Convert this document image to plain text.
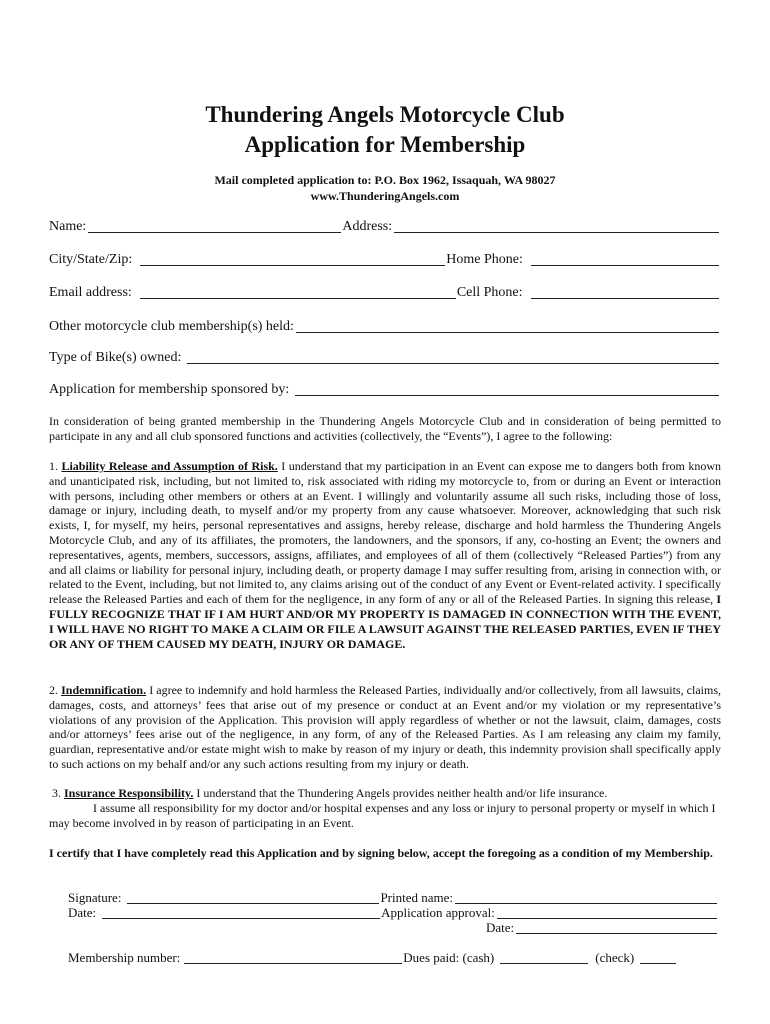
Thundering Angels Motorcycle Club
Application for Membership
Mail completed application to: P.O. Box 1962, Issaquah, WA 98027
www.ThunderingAngels.com
Name:	Address:
City/State/Zip:	Home Phone:
Email address:	Cell Phone:
Other motorcycle club membership(s) held:
Type of Bike(s) owned:
Application for membership sponsored by:
In consideration of being granted membership in the Thundering Angels Motorcycle Club and in consideration of being permitted to participate in any and all club sponsored functions and activities (collectively, the “Events”), I agree to the following:
1. Liability Release and Assumption of Risk. I understand that my participation in an Event can expose me to dangers both from known and unanticipated risk, including, but not limited to, risk associated with riding my motorcycle to, from or during an Event or interaction with persons, including other members or others at an Event. I willingly and voluntarily assume all such risks, including those of loss, damage or injury, including death, to myself and/or my property from any cause whatsoever. Moreover, acknowledging that such risk exists, I, for myself, my heirs, personal representatives and assigns, hereby release, discharge and hold harmless the Thundering Angels Motorcycle Club, and any of its affiliates, the promoters, the landowners, and the sponsors, if any, co-hosting an Event; the owners and representatives, agents, members, successors, assigns, affiliates, and employees of all of them (collectively “Released Parties”) from any and all claims or liability for personal injury, including death, or property damage I may suffer resulting from, arising in connection with, or related to the Event, including, but not limited to, any claims arising out of the conduct of any Event or Event-related activity. I specifically release the Released Parties and each of them for the negligence, in any form of any or all of the Released Parties. In signing this release, I FULLY RECOGNIZE THAT IF I AM HURT AND/OR MY PROPERTY IS DAMAGED IN CONNECTION WITH THE EVENT, I WILL HAVE NO RIGHT TO MAKE A CLAIM OR FILE A LAWSUIT AGAINST THE RELEASED PARTIES, EVEN IF THEY OR ANY OF THEM CAUSED MY DEATH, INJURY OR DAMAGE.
2. Indemnification. I agree to indemnify and hold harmless the Released Parties, individually and/or collectively, from all lawsuits, claims, damages, costs, and attorneys’ fees that arise out of my presence or conduct at an Event and/or my violation or my representative’s violations of any provision of the Application. This provision will apply regardless of whether or not the lawsuit, claim, damages, costs and/or attorneys’ fees arise out of the negligence, in any form, of any of the Released Parties. As I am releasing any claim my family, guardian, representative and/or estate might wish to make by reason of my injury or death, this indemnity provision shall specifically apply to such actions on my behalf and/or any such actions resulting from my injury or death.
3. Insurance Responsibility. I understand that the Thundering Angels provides neither health and/or life insurance.
I assume all responsibility for my doctor and/or hospital expenses and any loss or injury to personal property or myself in which I may become involved in by reason of participating in an Event.
I certify that I have completely read this Application and by signing below, accept the foregoing as a condition of my Membership.
Signature:	Printed name:
Date:	Application approval:
Date:
Membership number:	Dues paid: (cash)	(check)
